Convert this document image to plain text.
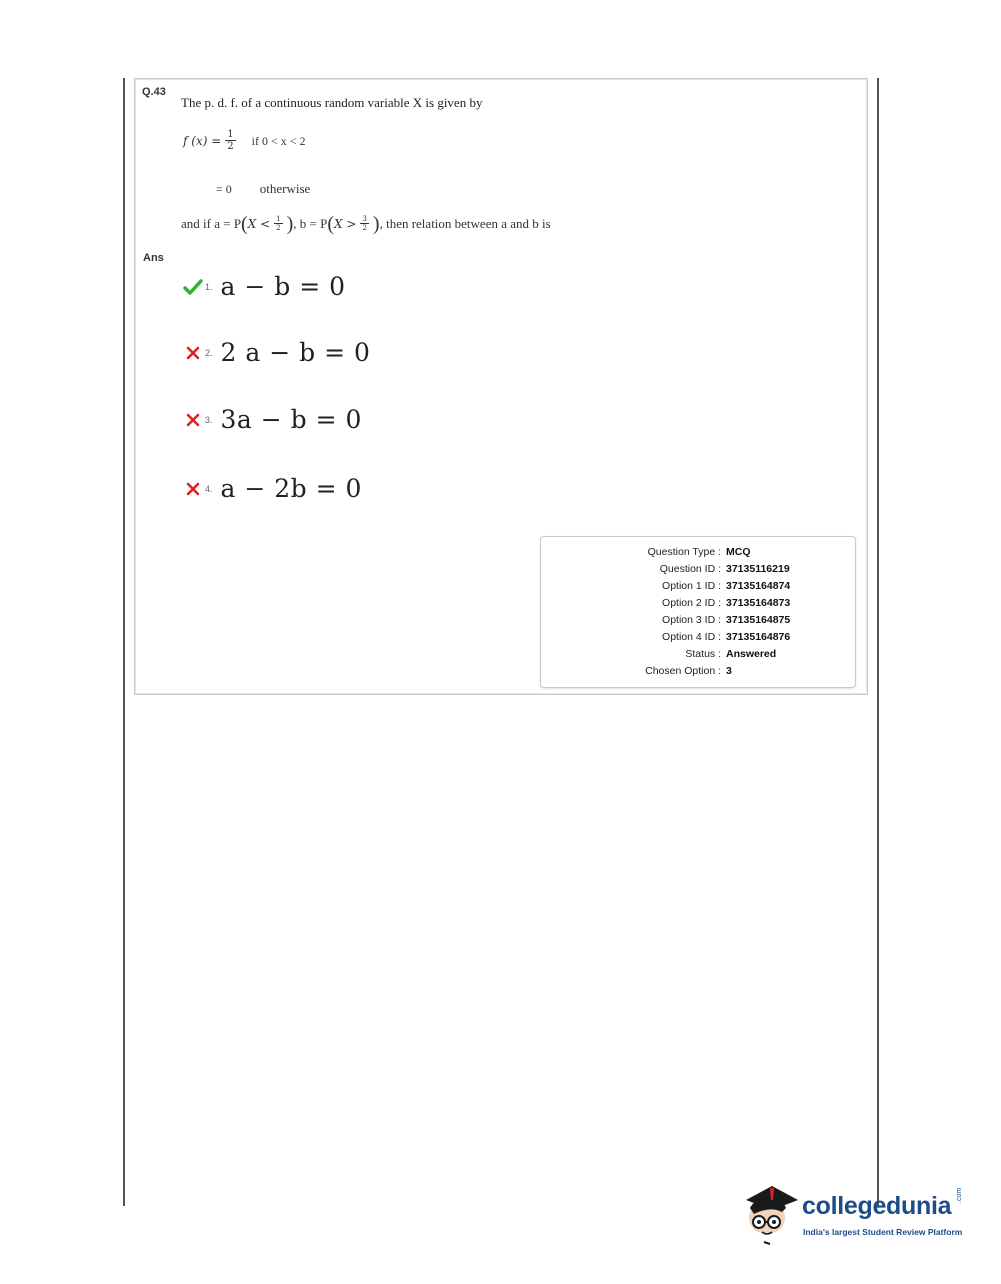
Q.43
The p. d. f. of a continuous random variable X is given by
f $(x) = \frac{1}{2}$ if 0 < x < 2
= 0 otherwise
and if a = P ( $X < \frac{1}{2}$ ) , b = P ( $X > \frac{3}{2}$ ) , then relation between a and b is
Ans
1. a − b = 0
2. 2 a − b = 0
3. 3a − b = 0
4. a − 2b = 0
Question Type : MCQ
Question ID : 37135116219
Option 1 ID : 37135164874
Option 2 ID : 37135164873
Option 3 ID : 37135164875
Option 4 ID : 37135164876
Status : Answered
Chosen Option : 3
collegedunia .com
India's largest Student Review Platform
